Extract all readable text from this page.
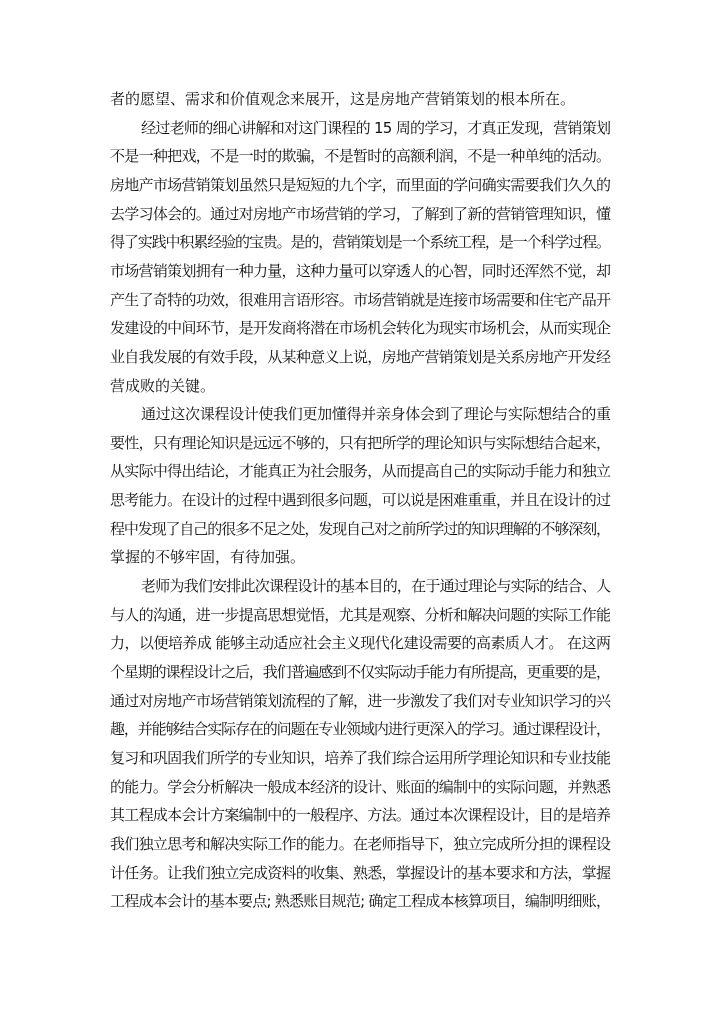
者的愿望、需求和价值观念来展开，这是房地产营销策划的根本所在。
经过老师的细心讲解和对这门课程的 15 周的学习，才真正发现，营销策划
不是一种把戏，不是一时的欺骗，不是暂时的高额利润，不是一种单纯的活动。
房地产市场营销策划虽然只是短短的九个字，而里面的学问确实需要我们久久的
去学习体会的。通过对房地产市场营销的学习，了解到了新的营销管理知识，懂
得了实践中积累经验的宝贵。是的，营销策划是一个系统工程，是一个科学过程。
市场营销策划拥有一种力量，这种力量可以穿透人的心智，同时还浑然不觉，却
产生了奇特的功效，很难用言语形容。市场营销就是连接市场需要和住宅产品开
发建设的中间环节，是开发商将潜在市场机会转化为现实市场机会，从而实现企
业自我发展的有效手段，从某种意义上说，房地产营销策划是关系房地产开发经
营成败的关键。
通过这次课程设计使我们更加懂得并亲身体会到了理论与实际想结合的重
要性，只有理论知识是远远不够的，只有把所学的理论知识与实际想结合起来，
从实际中得出结论，才能真正为社会服务，从而提高自己的实际动手能力和独立
思考能力。在设计的过程中遇到很多问题，可以说是困难重重，并且在设计的过
程中发现了自己的很多不足之处，发现自己对之前所学过的知识理解的不够深刻，
掌握的不够牢固，有待加强。
老师为我们安排此次课程设计的基本目的，在于通过理论与实际的结合、人
与人的沟通，进一步提高思想觉悟，尤其是观察、分析和解决问题的实际工作能
力，以便培养成 能够主动适应社会主义现代化建设需要的高素质人才。 在这两
个星期的课程设计之后，我们普遍感到不仅实际动手能力有所提高，更重要的是，
通过对房地产市场营销策划流程的了解，进一步激发了我们对专业知识学习的兴
趣，并能够结合实际存在的问题在专业领域内进行更深入的学习。通过课程设计，
复习和巩固我们所学的专业知识，培养了我们综合运用所学理论知识和专业技能
的能力。学会分析解决一般成本经济的设计、账面的编制中的实际问题，并熟悉
其工程成本会计方案编制中的一般程序、方法。通过本次课程设计，目的是培养
我们独立思考和解决实际工作的能力。在老师指导下，独立完成所分担的课程设
计任务。让我们独立完成资料的收集、熟悉，掌握设计的基本要求和方法，掌握
工程成本会计的基本要点; 熟悉账目规范; 确定工程成本核算项目，编制明细账，
